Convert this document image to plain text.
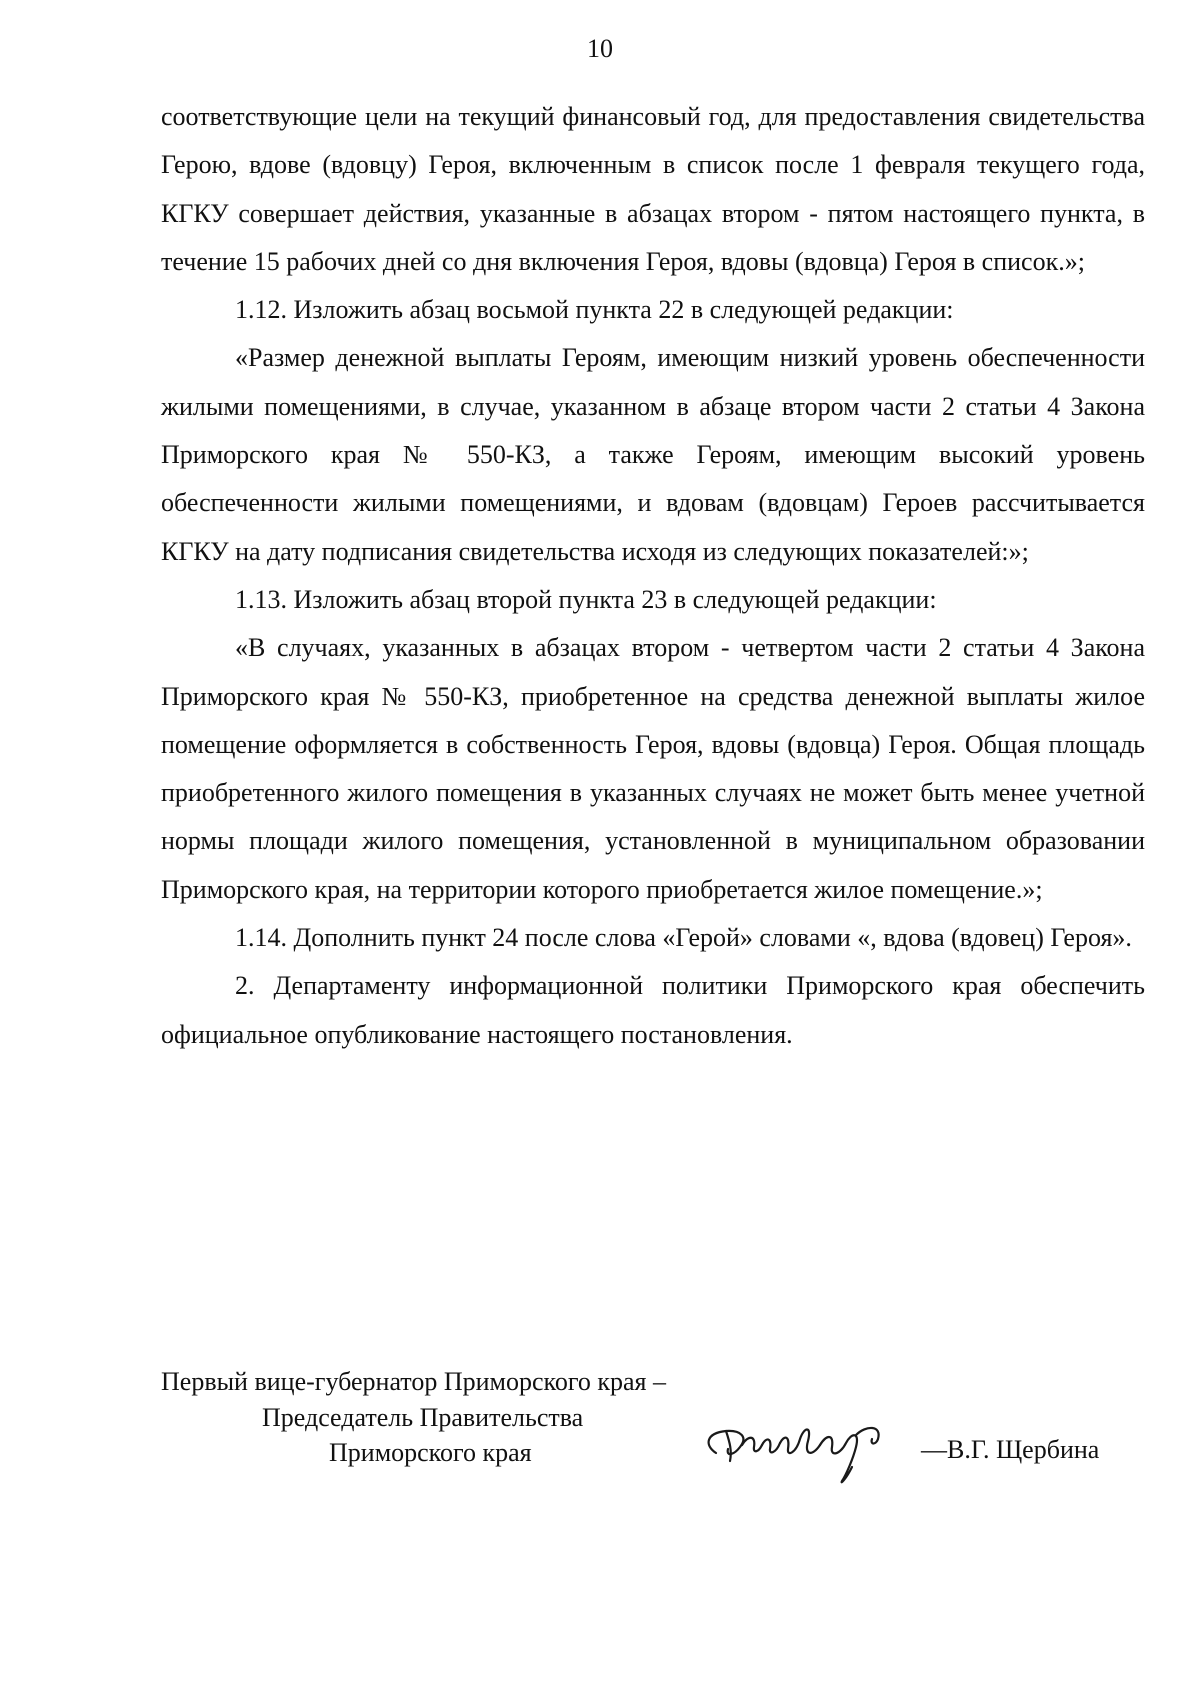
10

соответствующие цели на текущий финансовый год, для предоставления свидетельства Герою, вдове (вдовцу) Героя, включенным в список после 1 февраля текущего года, КГКУ совершает действия, указанные в абзацах втором - пятом настоящего пункта, в течение 15 рабочих дней со дня включения Героя, вдовы (вдовца) Героя в список.»;

1.12. Изложить абзац восьмой пункта 22 в следующей редакции:

«Размер денежной выплаты Героям, имеющим низкий уровень обеспеченности жилыми помещениями, в случае, указанном в абзаце втором части 2 статьи 4 Закона Приморского края № 550-КЗ, а также Героям, имеющим высокий уровень обеспеченности жилыми помещениями, и вдовам (вдовцам) Героев рассчитывается КГКУ на дату подписания свидетельства исходя из следующих показателей:»;

1.13. Изложить абзац второй пункта 23 в следующей редакции:

«В случаях, указанных в абзацах втором - четвертом части 2 статьи 4 Закона Приморского края № 550-КЗ, приобретенное на средства денежной выплаты жилое помещение оформляется в собственность Героя, вдовы (вдовца) Героя. Общая площадь приобретенного жилого помещения в указанных случаях не может быть менее учетной нормы площади жилого помещения, установленной в муниципальном образовании Приморского края, на территории которого приобретается жилое помещение.»;

1.14. Дополнить пункт 24 после слова «Герой» словами «, вдова (вдовец) Героя».

2. Департаменту информационной политики Приморского края обеспечить официальное опубликование настоящего постановления.

Первый вице-губернатор Приморского края –
Председатель Правительства
Приморского края	—В.Г. Щербина
